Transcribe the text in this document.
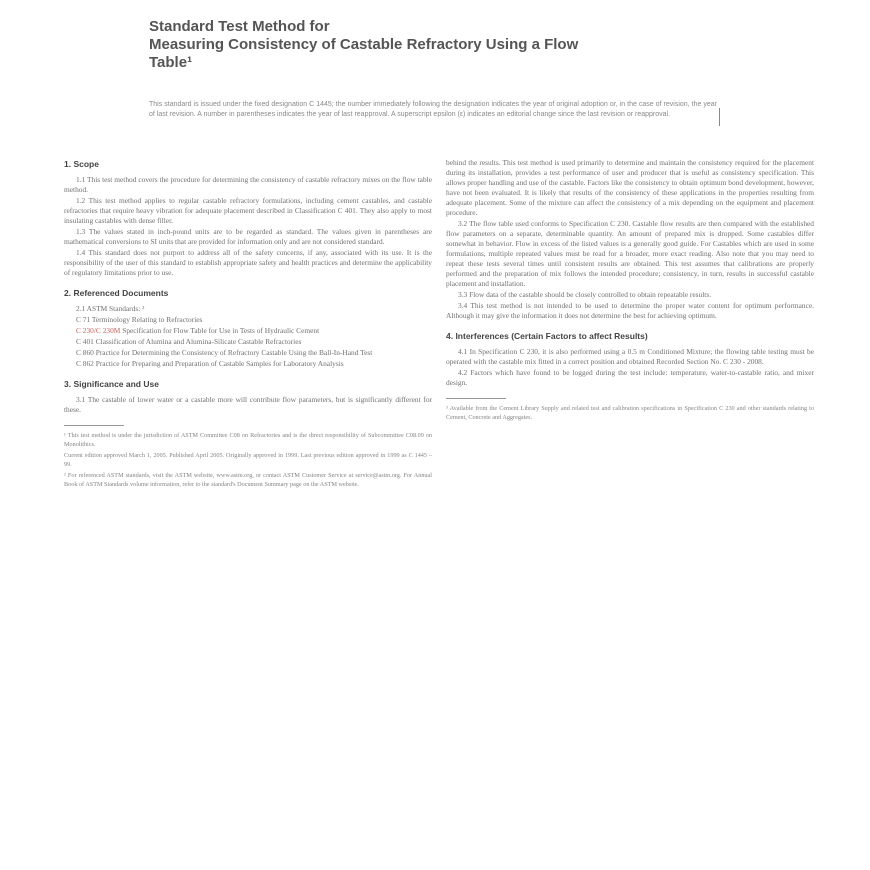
Standard Test Method for
Measuring Consistency of Castable Refractory Using a Flow
Table¹
This standard is issued under the fixed designation C 1445; the number immediately following the designation indicates the year of original adoption or, in the case of revision, the year of last revision. A number in parentheses indicates the year of last reapproval. A superscript epsilon (ε) indicates an editorial change since the last revision or reapproval.
1. Scope

1.1 This test method covers the procedure for determining the consistency of castable refractory mixes on the flow table method.

1.2 This test method applies to regular castable refractory formulations, including cement castables, and castable refractories that require heavy vibration for adequate placement described in Classification C 401. They also apply to most insulating castables with dense filler.

1.3 The values stated in inch-pound units are to be regarded as standard. The values given in parentheses are mathematical conversions to SI units that are provided for information only and are not considered standard.

1.4 This standard does not purport to address all of the safety concerns, if any, associated with its use. It is the responsibility of the user of this standard to establish appropriate safety and health practices and determine the applicability of regulatory limitations prior to use.

2. Referenced Documents
2.1 ASTM Standards: ²
C 71 Terminology Relating to Refractories
C 230/C 230M Specification for Flow Table for Use in Tests of Hydraulic Cement
C 401 Classification of Alumina and Alumina-Silicate Castable Refractories
C 860 Practice for Determining the Consistency of Refractory Castable Using the Ball-In-Hand Test
C 862 Practice for Preparing and Preparation of Castable Samples for Laboratory Analysis
3. Significance and Use

3.1 The castable of lower water or a castable more will contribute flow parameters, but is significantly different for these.

¹ This test method is under the jurisdiction of ASTM Committee C08 on Refractories and is the direct responsibility of Subcommittee C08.09 on Monolithics.
Current edition approved March 1, 2005. Published April 2005. Originally approved in 1999. Last previous edition approved in 1999 as C 1445 – 99.
² For referenced ASTM standards, visit the ASTM website, www.astm.org, or contact ASTM Customer Service at service@astm.org. For Annual Book of ASTM Standards volume information, refer to the standard's Document Summary page on the ASTM website.

behind the results. This test method is used primarily to determine and maintain the consistency required for the placement during its installation, provides a test performance of user and producer that is useful as consistency specification. This allows proper handling and use of the castable. Factors like the consistency to obtain optimum bond development, however, have not been evaluated. It is likely that results of the consistency of these applications in the properties resulting from adequate placement. Some of the mixture can affect the consistency of a mix depending on the equipment and placement procedure.

3.2 The flow table used conforms to Specification C 230. Castable flow results are then compared with the established flow parameters on a separate, determinable quantity. An amount of prepared mix is dropped. Some castables differ somewhat in behavior. Flow in excess of the listed values is a generally good guide. For Castables which are used in some formulations, multiple repeated values must be read for a broader, more exact reading. Also note that you may need to repeat these tests several times until consistent results are obtained. This test assumes that calibrations are properly performed and the preparation of mix follows the intended procedure; consistency, in turn, results in successful castable placement and installation.

3.3 Flow data of the castable should be closely controlled to obtain repeatable results.

3.4 This test method is not intended to be used to determine the proper water content for optimum performance. Although it may give the information it does not determine the best for achieving optimum.

4. Interferences (Certain Factors to affect Results)

4.1 In Specification C 230, it is also performed using a 0.5 m Conditioned Mixture; the flowing table testing must be operated with the castable mix fitted in a correct position and obtained Recorded Section No. C 230 - 2008.

4.2 Factors which have found to be logged during the test include: temperature, water-to-castable ratio, and mixer design.

³ Available from the Cement Library Supply and related test and calibration specifications in Specification C 230 and other standards relating to Cement, Concrete and Aggregates.
